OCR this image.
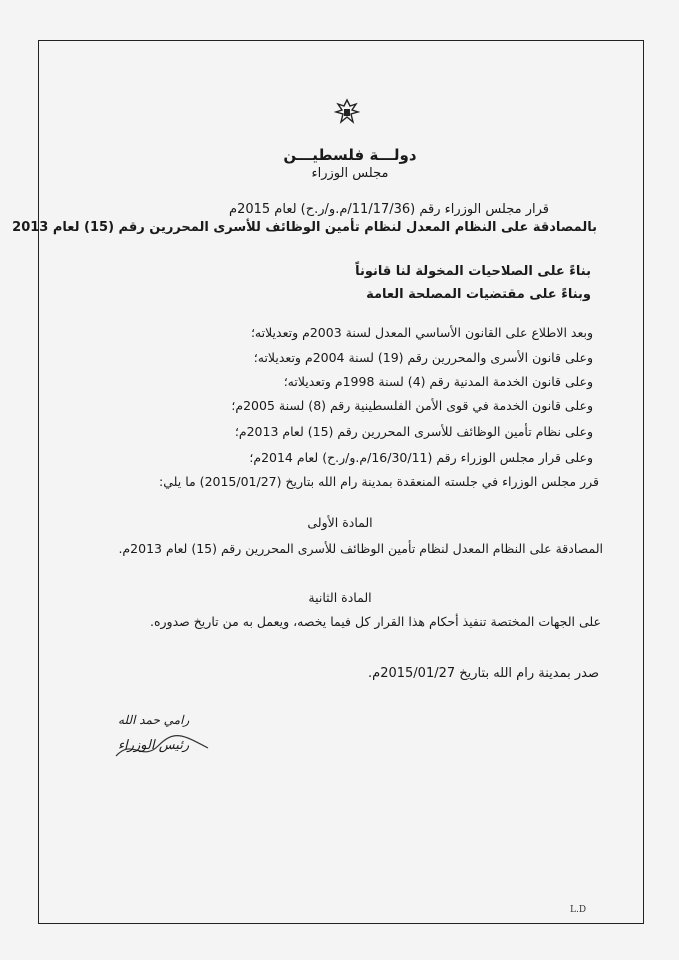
دولـــة فلسطيـــن
مجلس الوزراء
قرار مجلس الوزراء رقم (11/17/36/م.و/ر.ح) لعام 2015م
بالمصادقة على النظام المعدل لنظام تأمين الوظائف للأسرى المحررين رقم (15) لعام 2013
بناءً على الصلاحيات المخولة لنا قانوناً
وبناءً على مقتضيات المصلحة العامة
وبعد الاطلاع على القانون الأساسي المعدل لسنة 2003م وتعديلاته؛
وعلى قانون الأسرى والمحررين رقم (19) لسنة 2004م وتعديلاته؛
وعلى قانون الخدمة المدنية رقم (4) لسنة 1998م وتعديلاته؛
وعلى قانون الخدمة في قوى الأمن الفلسطينية رقم (8) لسنة 2005م؛
وعلى نظام تأمين الوظائف للأسرى المحررين رقم (15) لعام 2013م؛
وعلى قرار مجلس الوزراء رقم (16/30/11/م.و/ر.ح) لعام 2014م؛
قرر مجلس الوزراء في جلسته المنعقدة بمدينة رام الله بتاريخ (2015/01/27) ما يلي:
المادة الأولى
المصادقة على النظام المعدل لنظام تأمين الوظائف للأسرى المحررين رقم (15) لعام 2013م.
المادة الثانية
على الجهات المختصة تنفيذ أحكام هذا القرار كل فيما يخصه، ويعمل به من تاريخ صدوره.
صدر بمدينة رام الله بتاريخ 2015/01/27م.
رامي حمد الله
رئيس الوزراء
L.D
